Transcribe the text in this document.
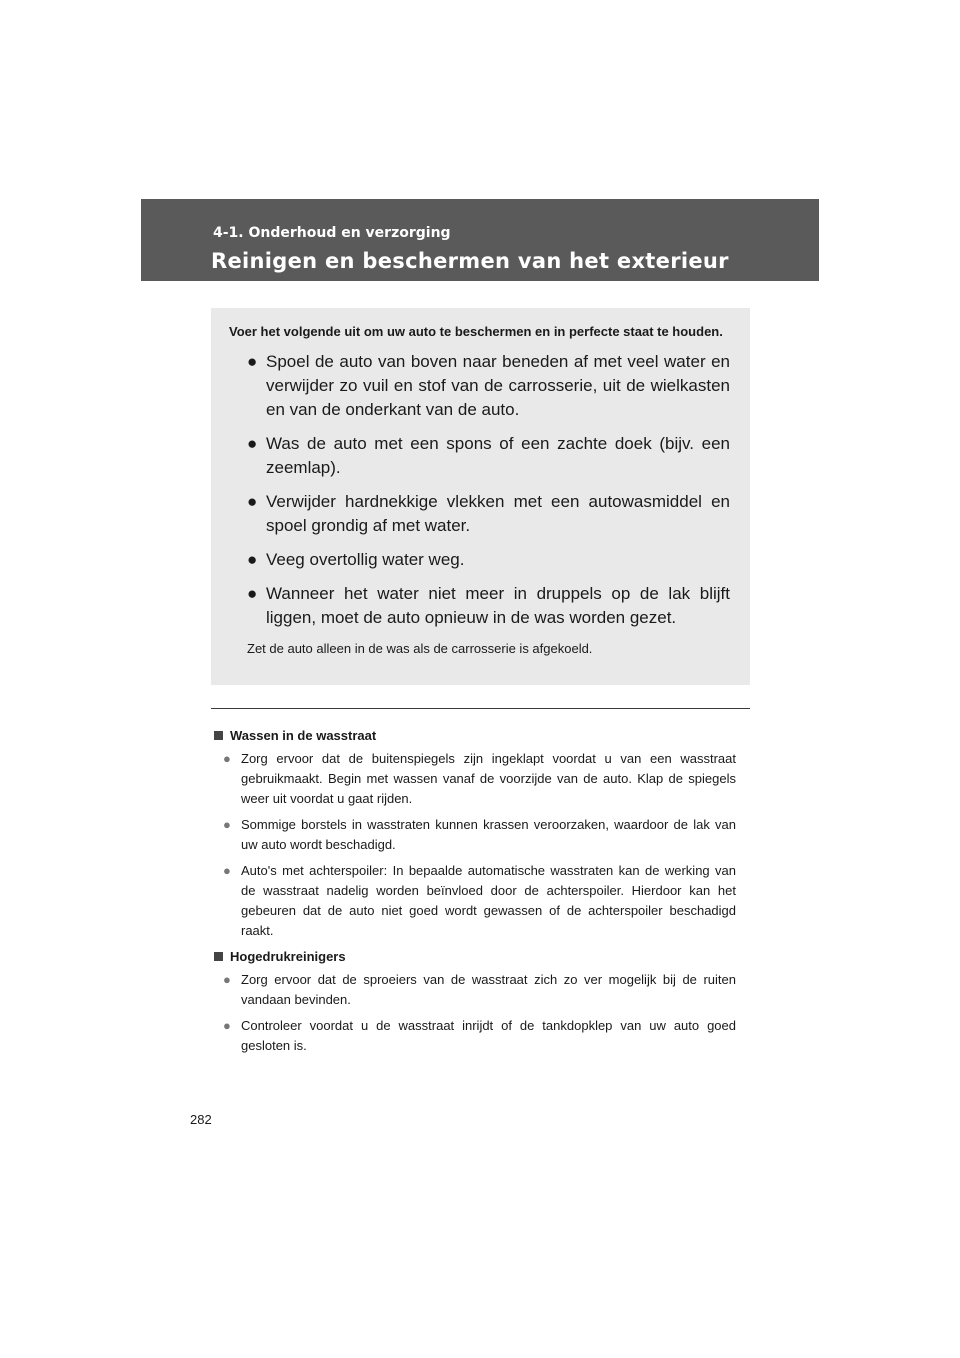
4-1. Onderhoud en verzorging
Reinigen en beschermen van het exterieur

Voer het volgende uit om uw auto te beschermen en in perfecte staat te houden.

● Spoel de auto van boven naar beneden af met veel water en verwijder zo vuil en stof van de carrosserie, uit de wielkasten en van de onderkant van de auto.
● Was de auto met een spons of een zachte doek (bijv. een zeemlap).
● Verwijder hardnekkige vlekken met een autowasmiddel en spoel grondig af met water.
● Veeg overtollig water weg.
● Wanneer het water niet meer in druppels op de lak blijft liggen, moet de auto opnieuw in de was worden gezet.

Zet de auto alleen in de was als de carrosserie is afgekoeld.

Wassen in de wasstraat

● Zorg ervoor dat de buitenspiegels zijn ingeklapt voordat u van een wasstraat gebruikmaakt. Begin met wassen vanaf de voorzijde van de auto. Klap de spiegels weer uit voordat u gaat rijden.
● Sommige borstels in wasstraten kunnen krassen veroorzaken, waardoor de lak van uw auto wordt beschadigd.
● Auto's met achterspoiler: In bepaalde automatische wasstraten kan de werking van de wasstraat nadelig worden beïnvloed door de achterspoiler. Hierdoor kan het gebeuren dat de auto niet goed wordt gewassen of de achterspoiler beschadigd raakt.

Hogedrukreinigers

● Zorg ervoor dat de sproeiers van de wasstraat zich zo ver mogelijk bij de ruiten vandaan bevinden.
● Controleer voordat u de wasstraat inrijdt of de tankdopklep van uw auto goed gesloten is.
282
